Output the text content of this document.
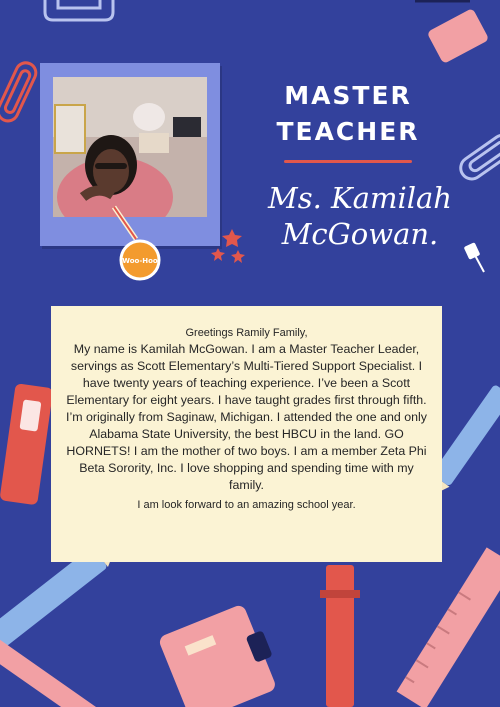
Woo-Hoo
MASTER
TEACHER
Ms. Kamilah
McGowan.

Greetings Ramily Family,

My name is Kamilah McGowan. I am a Master Teacher Leader, servings as Scott Elementary’s Multi-Tiered Support Specialist. I have twenty years of teaching experience. I’ve been a Scott Elementary for eight years. I have taught grades first through fifth. I’m originally from Saginaw, Michigan. I attended the one and only Alabama State University, the best HBCU in the land. GO HORNETS! I am the mother of two boys. I am a member Zeta Phi Beta Sorority, Inc. I love shopping and spending time with my family.

I am look forward to an amazing school year.
